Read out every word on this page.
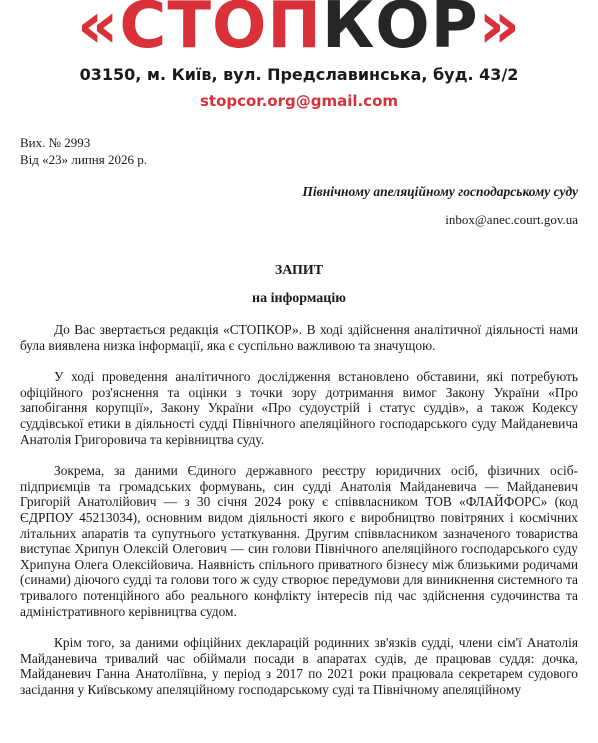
«СТОПКОР»
03150, м. Київ, вул. Предславинська, буд. 43/2
stopcor.org@gmail.com
Вих. № 2993
Від «23» липня 2026 р.
Північному апеляційному господарському суду
inbox@anec.court.gov.ua
ЗАПИТ
на інформацію

До Вас звертається редакція «СТОПКОР». В ході здійснення аналітичної діяльності нами була виявлена низка інформації, яка є суспільно важливою та значущою.

У ході проведення аналітичного дослідження встановлено обставини, які потребують офіційного роз'яснення та оцінки з точки зору дотримання вимог Закону України «Про запобігання корупції», Закону України «Про судоустрій і статус суддів», а також Кодексу суддівської етики в діяльності судді Північного апеляційного господарського суду Майданевича Анатолія Григоровича та керівництва суду.

Зокрема, за даними Єдиного державного реєстру юридичних осіб, фізичних осіб-підприємців та громадських формувань, син судді Анатолія Майданевича — Майданевич Григорій Анатолійович — з 30 січня 2024 року є співвласником ТОВ «ФЛАЙФОРС» (код ЄДРПОУ 45213034), основним видом діяльності якого є виробництво повітряних і космічних літальних апаратів та супутнього устаткування. Другим співвласником зазначеного товариства виступає Хрипун Олексій Олегович — син голови Північного апеляційного господарського суду Хрипуна Олега Олексійовича. Наявність спільного приватного бізнесу між близькими родичами (синами) діючого судді та голови того ж суду створює передумови для виникнення системного та тривалого потенційного або реального конфлікту інтересів під час здійснення судочинства та адміністративного керівництва судом.

Крім того, за даними офіційних декларацій родинних зв'язків судді, члени сім'ї Анатолія Майданевича тривалий час обіймали посади в апаратах судів, де працював суддя: дочка, Майданевич Ганна Анатоліївна, у період з 2017 по 2021 роки працювала секретарем судового засідання у Київському апеляційному господарському суді та Північному апеляційному
